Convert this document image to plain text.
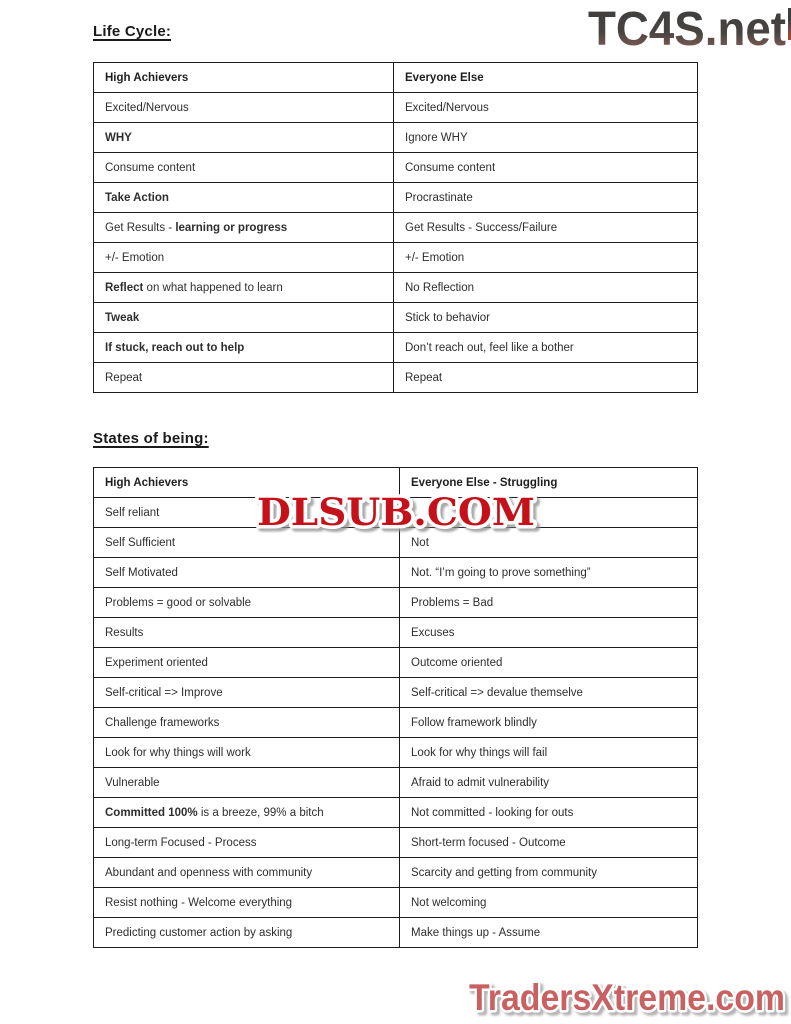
TC4S.net
Life Cycle:
High Achievers	Everyone Else
Excited/Nervous	Excited/Nervous
WHY	Ignore WHY
Consume content	Consume content
Take Action	Procrastinate
Get Results - learning or progress	Get Results - Success/Failure
+/- Emotion	+/- Emotion
Reflect on what happened to learn	No Reflection
Tweak	Stick to behavior
If stuck, reach out to help	Don’t reach out, feel like a bother
Repeat	Repeat
States of being:
High Achievers	Everyone Else - Struggling
Self reliant	
Self Sufficient	Not
Self Motivated	Not. “I’m going to prove something”
Problems = good or solvable	Problems = Bad
Results	Excuses
Experiment oriented	Outcome oriented
Self-critical => Improve	Self-critical => devalue themselve
Challenge frameworks	Follow framework blindly
Look for why things will work	Look for why things will fail
Vulnerable	Afraid to admit vulnerability
Committed 100% is a breeze, 99% a bitch	Not committed - looking for outs
Long-term Focused - Process	Short-term focused - Outcome
Abundant and openness with community	Scarcity and getting from community
Resist nothing - Welcome everything	Not welcoming
Predicting customer action by asking	Make things up - Assume
DLSUB.COM
TradersXtreme.com
